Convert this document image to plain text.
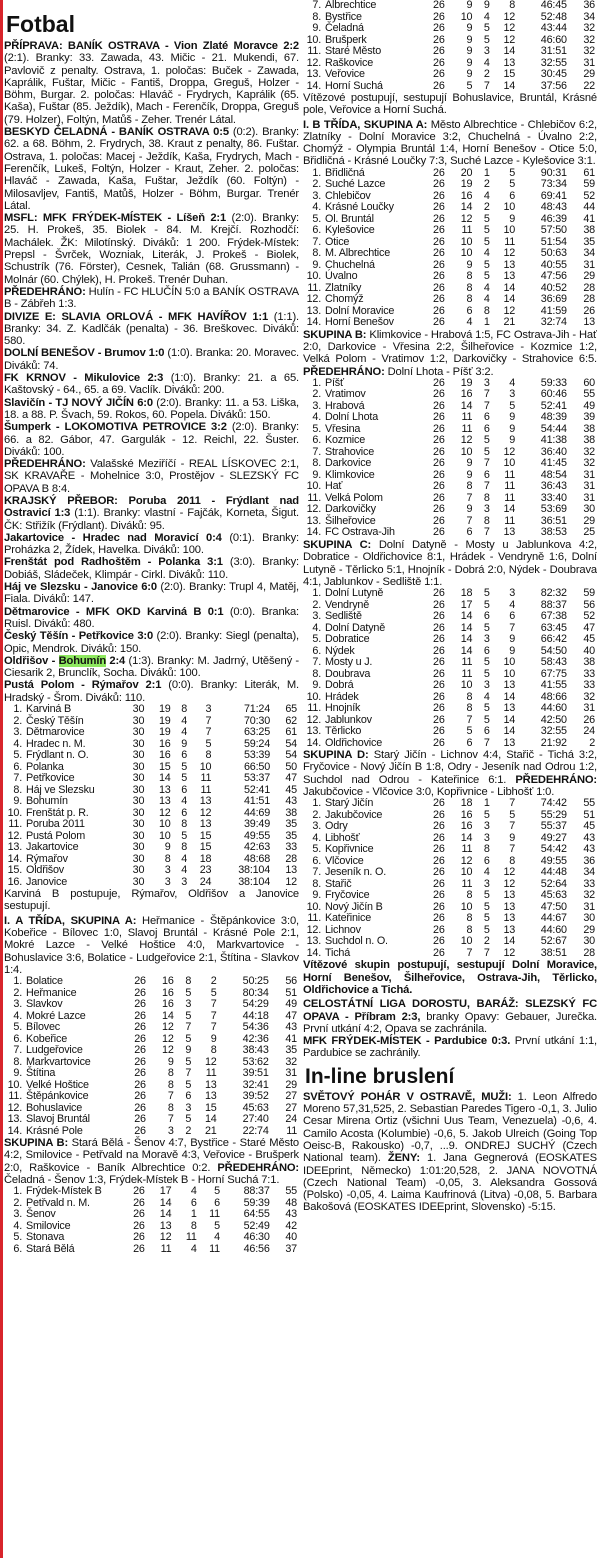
Fotbal

PŘÍPRAVA: BANÍK OSTRAVA - Vion Zlaté Moravce 2:2 (2:1). Branky: 33. Zawada, 43. Mičic - 21. Mukendi, 67. Pavlovič z penalty. Ostrava, 1. poločas: Buček - Zawada, Kaprálik, Fuštar, Mičic - Fantiš, Droppa, Greguš, Holzer - Böhm, Burgar. 2. poločas: Hlaváč - Frydrych, Kaprálik (65. Kaša), Fuštar (85. Ježdík), Mach - Ferenčík, Droppa, Greguš (79. Holzer), Foltýn, Matůš - Zeher. Trenér Látal.

BESKYD ČELADNÁ - BANÍK OSTRAVA 0:5 (0:2). Branky: 62. a 68. Böhm, 2. Frydrych, 38. Kraut z penalty, 86. Fuštar. Ostrava, 1. poločas: Macej - Ježdík, Kaša, Frydrych, Mach - Ferenčík, Lukeš, Foltýn, Holzer - Kraut, Zeher. 2. poločas: Hlaváč - Zawada, Kaša, Fuštar, Ježdík (60. Foltýn) - Milosavljev, Fantiš, Matůš, Holzer - Böhm, Burgar. Trenér Látal.

MSFL: MFK FRÝDEK-MÍSTEK - Líšeň 2:1 (2:0). Branky: 25. H. Prokeš, 35. Biolek - 84. M. Krejčí. Rozhodčí: Machálek. ŽK: Milotínský. Diváků: 1 200. Frýdek-Místek: Prepsl - Švrček, Wozniak, Literák, J. Prokeš - Biolek, Schustrík (76. Förster), Cesnek, Talián (68. Grussmann) - Molnár (60. Chýlek), H. Prokeš. Trenér Duhan.

PŘEDEHRÁNO: Hulín - FC HLUČÍN 5:0 a BANÍK OSTRAVA B - Zábřeh 1:3.

DIVIZE E: SLAVIA ORLOVÁ - MFK HAVÍŘOV 1:1 (1:1). Branky: 34. Z. Kadlčák (penalta) - 36. Breškovec. Diváků: 580.

DOLNÍ BENEŠOV - Brumov 1:0 (1:0). Branka: 20. Moravec. Diváků: 74.

FK KRNOV - Mikulovice 2:3 (1:0). Branky: 21. a 65. Kaštovský - 64., 65. a 69. Vaclík. Diváků: 200.

Slavičín - TJ NOVÝ JIČÍN 6:0 (2:0). Branky: 11. a 53. Liška, 18. a 88. P. Švach, 59. Rokos, 60. Popela. Diváků: 150.

Šumperk - LOKOMOTIVA PETROVICE 3:2 (2:0). Branky: 66. a 82. Gábor, 47. Gargulák - 12. Reichl, 22. Šuster. Diváků: 100.

PŘEDEHRÁNO: Valašské Meziříčí - REAL LÍSKOVEC 2:1, SK KRAVAŘE - Mohelnice 3:0, Prostějov - SLEZSKÝ FC OPAVA B 8:4.

KRAJSKÝ PŘEBOR: Poruba 2011 - Frýdlant nad Ostravicí 1:3 (1:1). Branky: vlastní - Fajčák, Korneta, Šigut. ČK: Střižík (Frýdlant). Diváků: 95.

Jakartovice - Hradec nad Moravicí 0:4 (0:1). Branky: Proházka 2, Žídek, Havelka. Diváků: 100.

Frenštát pod Radhoštěm - Polanka 3:1 (3:0). Branky: Dobiáš, Sládeček, Klimpár - Cirkl. Diváků: 110.

Háj ve Slezsku - Janovice 6:0 (2:0). Branky: Trupl 4, Matěj, Fiala. Diváků: 147.

Dětmarovice - MFK OKD Karviná B 0:1 (0:0). Branka: Ruisl. Diváků: 480.

Český Těšín - Petřkovice 3:0 (2:0). Branky: Siegl (penalta), Opic, Mendrok. Diváků: 150.

Oldřišov - Bohumín 2:4 (1:3). Branky: M. Jadrný, Utěšený - Ciesarik 2, Brunclík, Socha. Diváků: 100.

Pustá Polom - Rýmařov 2:1 (0:0). Branky: Literák, M. Hradský - Šrom. Diváků: 110.

1.	Karviná B	30	19	8	3	71:24	65
2.	Český Těšín	30	19	4	7	70:30	62
3.	Dětmarovice	30	19	4	7	63:25	61
4.	Hradec n. M.	30	16	9	5	59:24	54
5.	Frýdlant n. O.	30	16	6	8	53:39	54
6.	Polanka	30	15	5	10	66:50	50
7.	Petřkovice	30	14	5	11	53:37	47
8.	Háj ve Slezsku	30	13	6	11	52:41	45
9.	Bohumín	30	13	4	13	41:51	43
10.	Frenštát p. R.	30	12	6	12	44:69	38
11.	Poruba 2011	30	10	8	13	39:49	35
12.	Pustá Polom	30	10	5	15	49:55	35
13.	Jakartovice	30	9	8	15	42:63	33
14.	Rýmařov	30	8	4	18	48:68	28
15.	Oldřišov	30	3	4	23	38:104	13
16.	Janovice	30	3	3	24	38:104	12

Karviná B postupuje, Rýmařov, Oldřišov a Janovice sestupují.

I. A TŘÍDA, SKUPINA A: Heřmanice - Štěpánkovice 3:0, Kobeřice - Bílovec 1:0, Slavoj Bruntál - Krásné Pole 2:1, Mokré Lazce - Velké Hoštice 4:0, Markvartovice - Bohuslavice 3:6, Bolatice - Ludgeřovice 2:1, Štítina - Slavkov 1:4.

1.	Bolatice	26	16	8	2	50:25	56
2.	Heřmanice	26	16	5	5	80:34	51
3.	Slavkov	26	16	3	7	54:29	49
4.	Mokré Lazce	26	14	5	7	44:18	47
5.	Bílovec	26	12	7	7	54:36	43
6.	Kobeřice	26	12	5	9	42:36	41
7.	Ludgeřovice	26	12	9	8	38:43	35
8.	Markvartovice	26	9	5	12	53:62	32
9.	Štítina	26	8	7	11	39:51	31
10.	Velké Hoštice	26	8	5	13	32:41	29
11.	Štěpánkovice	26	7	6	13	39:52	27
12.	Bohuslavice	26	8	3	15	45:63	27
13.	Slavoj Bruntál	26	7	5	14	27:40	24
14.	Krásné Pole	26	3	2	21	22:74	11

SKUPINA B: Stará Bělá - Šenov 4:7, Bystřice - Staré Město 4:2, Smilovice - Petřvald na Moravě 4:3, Veřovice - Brušperk 2:0, Raškovice - Baník Albrechtice 0:2. PŘEDEHRÁNO: Čeladná - Šenov 1:3, Frýdek-Místek B - Horní Suchá 7:1.

1.	Frýdek-Místek B	26	17	4	5	88:37	55
2.	Petřvald n. M.	26	14	6	6	59:39	48
3.	Šenov	26	14	1	11	64:55	43
4.	Smilovice	26	13	8	5	52:49	42
5.	Stonava	26	12	11	4	46:30	40
6.	Stará Bělá	26	11	4	11	46:56	37
7.	Albrechtice	26	9	9	8	46:45	36
8.	Bystřice	26	10	4	12	52:48	34
9.	Čeladná	26	9	5	12	43:44	32
10.	Brušperk	26	9	5	12	46:60	32
11.	Staré Město	26	9	3	14	31:51	32
12.	Raškovice	26	9	4	13	32:55	31
13.	Veřovice	26	9	2	15	30:45	29
14.	Horní Suchá	26	5	7	14	37:56	22

Vítězové postupují, sestupují Bohuslavice, Bruntál, Krásné pole, Veřovice a Horní Suchá.

I. B TŘÍDA, SKUPINA A: Město Albrechtice - Chlebičov 6:2, Zlatníky - Dolní Moravice 3:2, Chuchelná - Úvalno 2:2, Chomýž - Olympia Bruntál 1:4, Horní Benešov - Otice 5:0, Břidličná - Krásné Loučky 7:3, Suché Lazce - Kylešovice 3:1.

1.	Břidličná	26	20	1	5	90:31	61
2.	Suché Lazce	26	19	2	5	73:34	59
3.	Chlebičov	26	16	4	6	69:41	52
4.	Krásné Loučky	26	14	2	10	48:43	44
5.	Ol. Bruntál	26	12	5	9	46:39	41
6.	Kylešovice	26	11	5	10	57:50	38
7.	Otice	26	10	5	11	51:54	35
8.	M. Albrechtice	26	10	4	12	50:63	34
9.	Chuchelná	26	9	5	13	40:55	31
10.	Úvalno	26	8	5	13	47:56	29
11.	Zlatníky	26	8	4	14	40:52	28
12.	Chomýž	26	8	4	14	36:69	28
13.	Dolní Moravice	26	6	8	12	41:59	26
14.	Horní Benešov	26	4	1	21	32:74	13

SKUPINA B: Klimkovice - Hrabová 1:5, FC Ostrava-Jih - Hať 2:0, Darkovice - Vřesina 2:2, Šilheřovice - Kozmice 1:2, Velká Polom - Vratimov 1:2, Darkovičky - Strahovice 6:5. PŘEDEHRÁNO: Dolní Lhota - Píšť 3:2.

1.	Píšť	26	19	3	4	59:33	60
2.	Vratimov	26	16	7	3	60:46	55
3.	Hrabová	26	14	7	5	52:41	49
4.	Dolní Lhota	26	11	6	9	48:39	39
5.	Vřesina	26	11	6	9	54:44	38
6.	Kozmice	26	12	5	9	41:38	38
7.	Strahovice	26	10	5	12	36:40	32
8.	Darkovice	26	9	7	10	41:45	32
9.	Klimkovice	26	9	6	11	48:54	31
10.	Hať	26	8	7	11	36:43	31
11.	Velká Polom	26	7	8	11	33:40	31
12.	Darkovičky	26	9	3	14	53:69	30
13.	Šilheřovice	26	7	8	11	36:51	29
14.	FC Ostrava-Jih	26	6	7	13	38:53	25

SKUPINA C: Dolní Datyně - Mosty u Jablunkova 4:2, Dobratice - Oldřichovice 8:1, Hrádek - Vendryně 1:6, Dolní Lutyně - Těrlicko 5:1, Hnojník - Dobrá 2:0, Nýdek - Doubrava 4:1, Jablunkov - Sedliště 1:1.

1.	Dolní Lutyně	26	18	5	3	82:32	59
2.	Vendryně	26	17	5	4	88:37	56
3.	Sedliště	26	14	6	6	67:38	52
4.	Dolní Datyně	26	14	5	7	63:45	47
5.	Dobratice	26	14	3	9	66:42	45
6.	Nýdek	26	14	6	9	54:50	40
7.	Mosty u J.	26	11	5	10	58:43	38
8.	Doubrava	26	11	5	10	67:75	33
9.	Dobrá	26	10	3	13	41:55	33
10.	Hrádek	26	8	4	14	48:66	32
11.	Hnojník	26	8	5	13	44:60	31
12.	Jablunkov	26	7	5	14	42:50	26
13.	Těrlicko	26	5	6	14	32:55	24
14.	Oldřichovice	26	6	7	13	21:92	2

SKUPINA D: Starý Jičín - Lichnov 4:4, Stařič - Tichá 3:2, Fryčovice - Nový Jičín B 1:8, Odry - Jeseník nad Odrou 1:2, Suchdol nad Odrou - Kateřinice 6:1. PŘEDEHRÁNO: Jakubčovice - Vlčovice 3:0, Kopřivnice - Libhošť 1:0.

1.	Starý Jičín	26	18	1	7	74:42	55
2.	Jakubčovice	26	16	5	5	55:29	51
3.	Odry	26	16	3	7	55:37	45
4.	Libhošť	26	14	3	9	49:27	43
5.	Kopřivnice	26	11	8	7	54:42	43
6.	Vlčovice	26	12	6	8	49:55	36
7.	Jeseník n. O.	26	10	4	12	44:48	34
8.	Stařič	26	11	3	12	52:64	33
9.	Fryčovice	26	8	5	13	45:63	32
10.	Nový Jičín B	26	10	5	13	47:50	31
11.	Kateřinice	26	8	5	13	44:67	30
12.	Lichnov	26	8	5	13	44:60	29
13.	Suchdol n. O.	26	10	2	14	52:67	30
14.	Tichá	26	7	7	12	38:51	28

Vítězové skupin postupují, sestupují Dolní Moravice, Horní Benešov, Šilheřovice, Ostrava-Jih, Těrlicko, Oldřichovice a Tichá.

CELOSTÁTNÍ LIGA DOROSTU, BARÁŽ: SLEZSKÝ FC OPAVA - Příbram 2:3, branky Opavy: Gebauer, Jurečka. První utkání 4:2, Opava se zachránila.

MFK FRÝDEK-MÍSTEK - Pardubice 0:3. První utkání 1:1, Pardubice se zachránily.

In-line bruslení

SVĚTOVÝ POHÁR V OSTRAVĚ, MUŽI: 1. Leon Alfredo Moreno 57,31,525, 2. Sebastian Paredes Tigero -0,1, 3. Julio Cesar Mirena Ortiz (všichni Uus Team, Venezuela) -0,6, 4. Camilo Acosta (Kolumbie) -0,6, 5. Jakob Ulreich (Going Top Oeisc-B, Rakousko) -0,7, ...9. ONDREJ SUCHÝ (Czech National team). ŽENY: 1. Jana Gegnerová (EOSKATES IDEEprint, Německo) 1:01:20,528, 2. JANA NOVOTNÁ (Czech National Team) -0,05, 3. Aleksandra Gossová (Polsko) -0,05, 4. Laima Kaufrinová (Litva) -0,08, 5. Barbara Bakošová (EOSKATES IDEEprint, Slovensko) -5:15.
